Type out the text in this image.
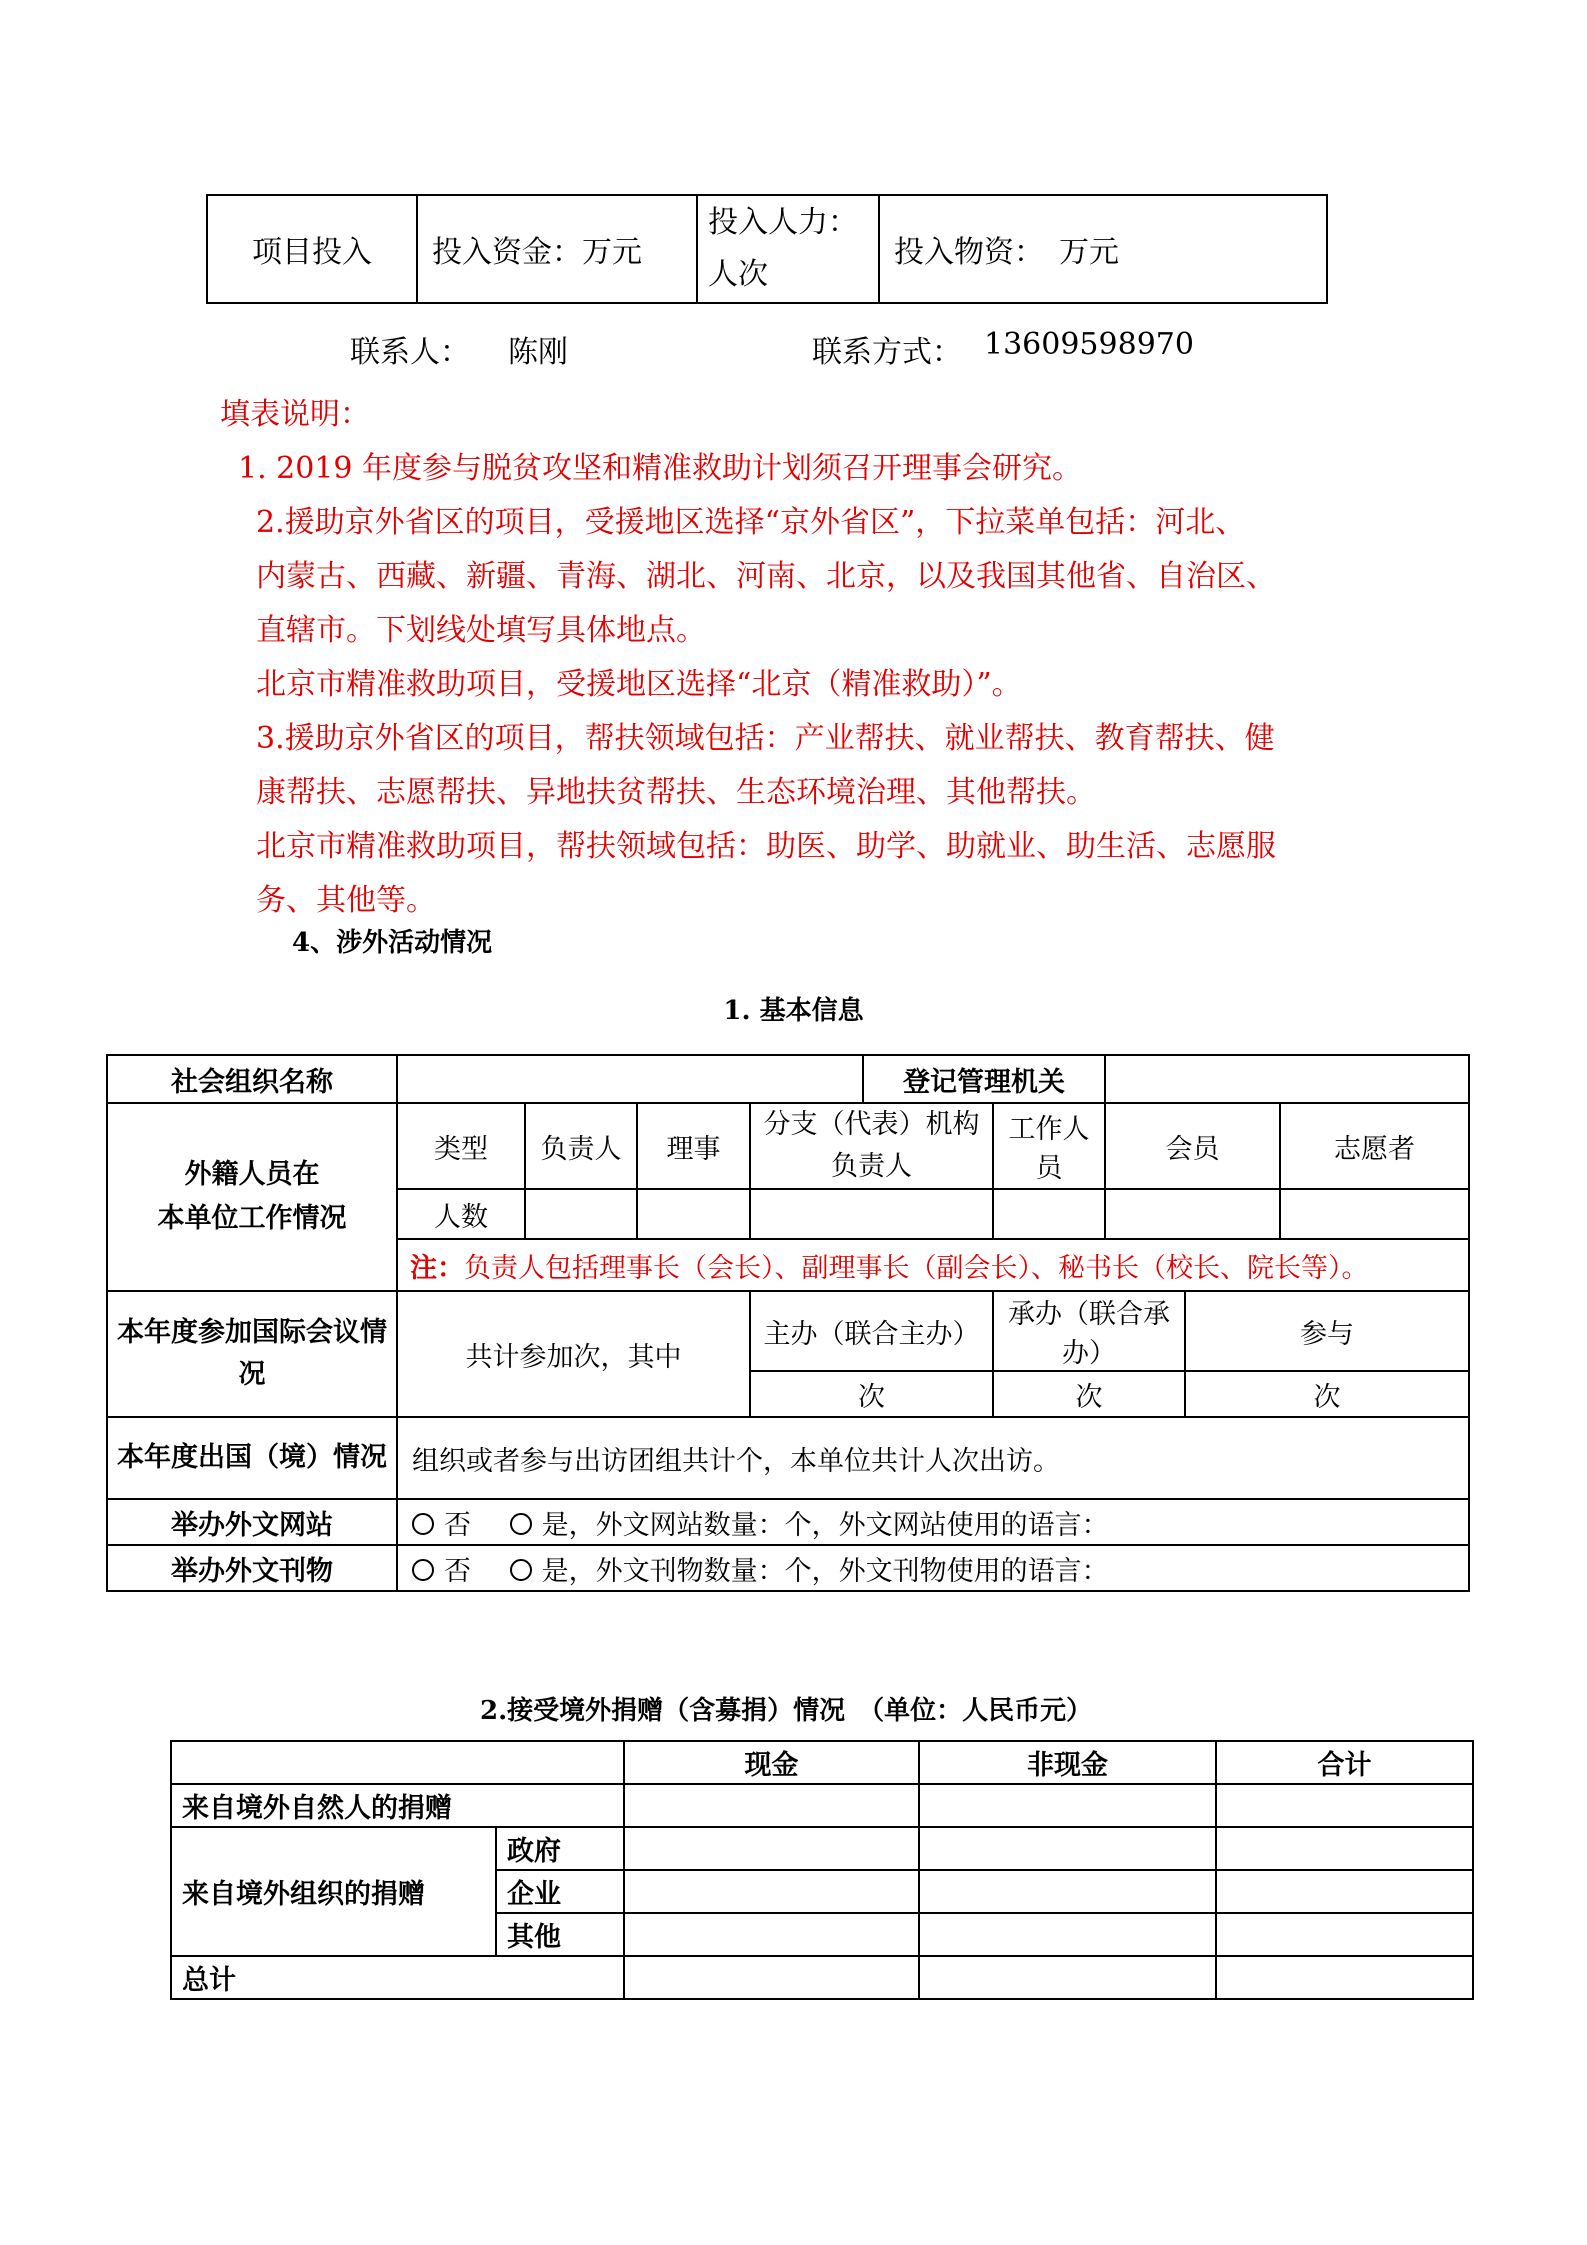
项目投入	投入资金：万元	投入人力：
人次	投入物资：　万元
联系人： 陈刚	联系方式： 13609598970

填表说明：

1. 2019 年度参与脱贫攻坚和精准救助计划须召开理事会研究。

2.援助京外省区的项目，受援地区选择“京外省区”，下拉菜单包括：河北、

内蒙古、西藏、新疆、青海、湖北、河南、北京，以及我国其他省、自治区、

直辖市。下划线处填写具体地点。

北京市精准救助项目，受援地区选择“北京（精准救助）”。

3.援助京外省区的项目，帮扶领域包括：产业帮扶、就业帮扶、教育帮扶、健

康帮扶、志愿帮扶、异地扶贫帮扶、生态环境治理、其他帮扶。

北京市精准救助项目，帮扶领域包括：助医、助学、助就业、助生活、志愿服

务、其他等。

4、涉外活动情况
1. 基本信息
社会组织名称					登记管理机关				
外籍人员在
本单位工作情况	类型	负责人	理事	分支（代表）机构负责人		工作人员	会员		志愿者
	人数								
	注：负责人包括理事长（会长）、副理事长（副会长）、秘书长（校长、院长等）。								
本年度参加国际会议情况	共计参加次，其中			主办（联合主办）		承办（联合承办）		参与	
				次		次		次	
本年度出国（境）情况	组织或者参与出访团组共计个，本单位共计人次出访。								
举办外文网站	否 是，外文网站数量：个，外文网站使用的语言：								
举办外文刊物	否 是，外文刊物数量：个，外文刊物使用的语言：								
2.接受境外捐赠（含募捐）情况　（单位：人民币元）
		现金	非现金	合计
来自境外自然人的捐赠				
来自境外组织的捐赠	政府			
	企业			
	其他			
总计				
